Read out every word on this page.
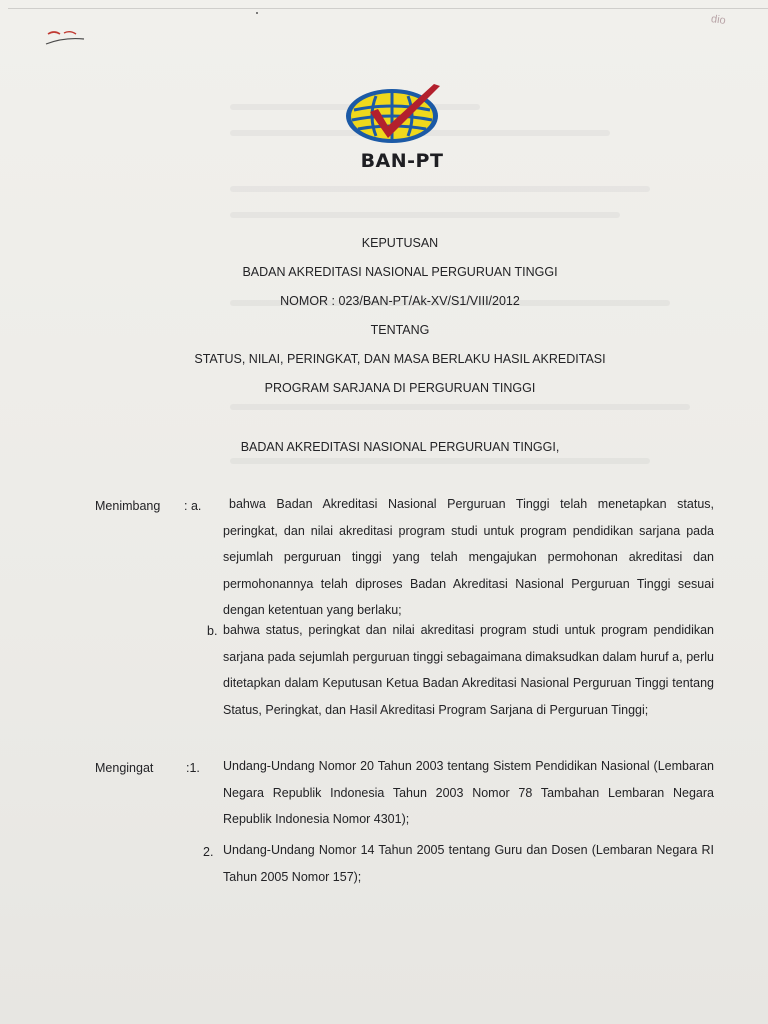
dio
BAN-PT
KEPUTUSAN
BADAN AKREDITASI NASIONAL PERGURUAN TINGGI
NOMOR : 023/BAN-PT/Ak-XV/S1/VIII/2012
TENTANG
STATUS, NILAI, PERINGKAT, DAN MASA BERLAKU HASIL AKREDITASI
PROGRAM SARJANA DI PERGURUAN TINGGI
BADAN AKREDITASI NASIONAL PERGURUAN TINGGI,
Menimbang : a.	bahwa Badan Akreditasi Nasional Perguruan Tinggi telah menetapkan status, peringkat, dan nilai akreditasi program studi untuk program pendidikan sarjana pada sejumlah perguruan tinggi yang telah mengajukan permohonan akreditasi dan permohonannya telah diproses Badan Akreditasi Nasional Perguruan Tinggi sesuai dengan ketentuan yang berlaku;
b. bahwa status, peringkat dan nilai akreditasi program studi untuk program pendidikan sarjana pada sejumlah perguruan tinggi sebagaimana dimaksudkan dalam huruf a, perlu ditetapkan dalam Keputusan Ketua Badan Akreditasi Nasional Perguruan Tinggi tentang Status, Peringkat, dan Hasil Akreditasi Program Sarjana di Perguruan Tinggi;
Mengingat	:1. Undang-Undang Nomor 20 Tahun 2003 tentang Sistem Pendidikan Nasional (Lembaran Negara Republik Indonesia Tahun 2003 Nomor 78 Tambahan Lembaran Negara Republik Indonesia Nomor 4301);
2. Undang-Undang Nomor 14 Tahun 2005 tentang Guru dan Dosen (Lembaran Negara RI Tahun 2005 Nomor 157);
